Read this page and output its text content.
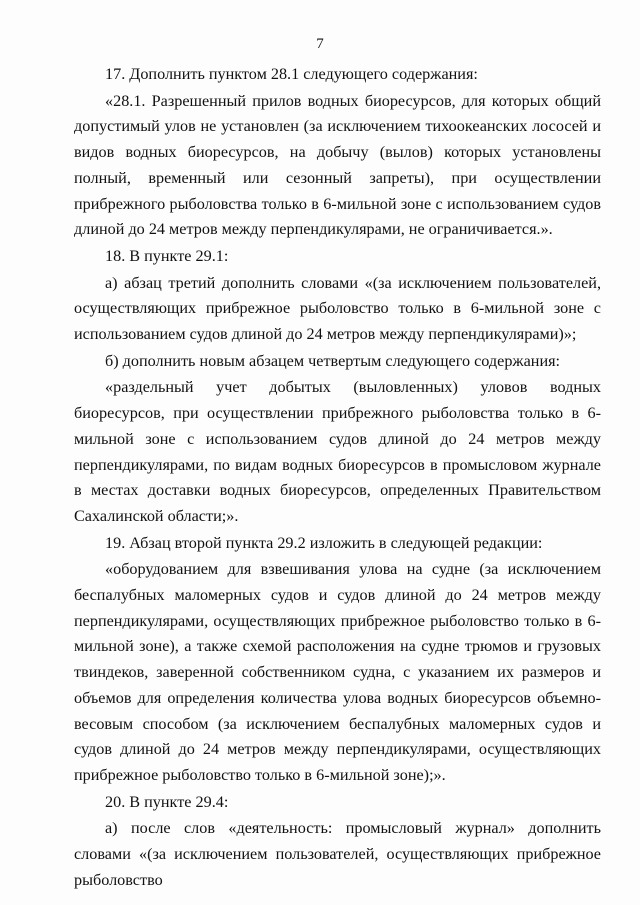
7

17. Дополнить пунктом 28.1 следующего содержания:

«28.1. Разрешенный прилов водных биоресурсов, для которых общий допустимый улов не установлен (за исключением тихоокеанских лососей и видов водных биоресурсов, на добычу (вылов) которых установлены полный, временный или сезонный запреты), при осуществлении прибрежного рыболовства только в 6-мильной зоне с использованием судов длиной до 24 метров между перпендикулярами, не ограничивается.».

18. В пункте 29.1:

а) абзац третий дополнить словами «(за исключением пользователей, осуществляющих прибрежное рыболовство только в 6-мильной зоне с использованием судов длиной до 24 метров между перпендикулярами)»;

б) дополнить новым абзацем четвертым следующего содержания:

«раздельный учет добытых (выловленных) уловов водных биоресурсов, при осуществлении прибрежного рыболовства только в 6-мильной зоне с использованием судов длиной до 24 метров между перпендикулярами, по видам водных биоресурсов в промысловом журнале в местах доставки водных биоресурсов, определенных Правительством Сахалинской области;».

19. Абзац второй пункта 29.2 изложить в следующей редакции:

«оборудованием для взвешивания улова на судне (за исключением беспалубных маломерных судов и судов длиной до 24 метров между перпендикулярами, осуществляющих прибрежное рыболовство только в 6-мильной зоне), а также схемой расположения на судне трюмов и грузовых твиндеков, заверенной собственником судна, с указанием их размеров и объемов для определения количества улова водных биоресурсов объемно-весовым способом (за исключением беспалубных маломерных судов и судов длиной до 24 метров между перпендикулярами, осуществляющих прибрежное рыболовство только в 6-мильной зоне);».

20. В пункте 29.4:

а) после слов «деятельность: промысловый журнал» дополнить словами «(за исключением пользователей, осуществляющих прибрежное рыболовство
